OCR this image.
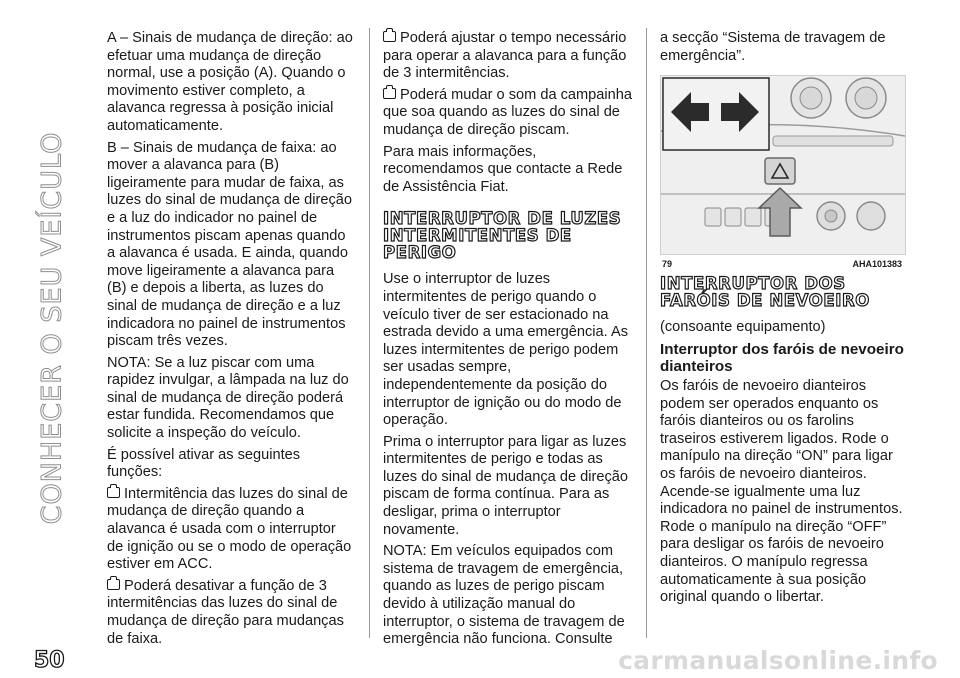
CONHECER O SEU VEÍCULO

A – Sinais de mudança de direção: ao efetuar uma mudança de direção normal, use a posição (A). Quando o movimento estiver completo, a alavanca regressa à posição inicial automaticamente.

B – Sinais de mudança de faixa: ao mover a alavanca para (B) ligeiramente para mudar de faixa, as luzes do sinal de mudança de direção e a luz do indicador no painel de instrumentos piscam apenas quando a alavanca é usada. E ainda, quando move ligeiramente a alavanca para (B) e depois a liberta, as luzes do sinal de mudança de direção e a luz indicadora no painel de instrumentos piscam três vezes.

NOTA: Se a luz piscar com uma rapidez invulgar, a lâmpada na luz do sinal de mudança de direção poderá estar fundida. Recomendamos que solicite a inspeção do veículo.

É possível ativar as seguintes funções:

Intermitência das luzes do sinal de mudança de direção quando a alavanca é usada com o interruptor de ignição ou se o modo de operação estiver em ACC.

Poderá desativar a função de 3 intermitências das luzes do sinal de mudança de direção para mudanças de faixa.

Poderá ajustar o tempo necessário para operar a alavanca para a função de 3 intermitências.

Poderá mudar o som da campainha que soa quando as luzes do sinal de mudança de direção piscam.

Para mais informações, recomendamos que contacte a Rede de Assistência Fiat.

INTERRUPTOR DE LUZES INTERMITENTES DE PERIGO

Use o interruptor de luzes intermitentes de perigo quando o veículo tiver de ser estacionado na estrada devido a uma emergência. As luzes intermitentes de perigo podem ser usadas sempre, independentemente da posição do interruptor de ignição ou do modo de operação.

Prima o interruptor para ligar as luzes intermitentes de perigo e todas as luzes do sinal de mudança de direção piscam de forma contínua. Para as desligar, prima o interruptor novamente.

NOTA: Em veículos equipados com sistema de travagem de emergência, quando as luzes de perigo piscam devido à utilização manual do interruptor, o sistema de travagem de emergência não funciona. Consulte

a secção “Sistema de travagem de emergência”.

79	AHA101383
INTERRUPTOR DOS FARÓIS DE NEVOEIRO

(consoante equipamento)

Interruptor dos faróis de nevoeiro dianteiros

Os faróis de nevoeiro dianteiros podem ser operados enquanto os faróis dianteiros ou os farolins traseiros estiverem ligados. Rode o manípulo na direção “ON” para ligar os faróis de nevoeiro dianteiros. Acende-se igualmente uma luz indicadora no painel de instrumentos. Rode o manípulo na direção “OFF” para desligar os faróis de nevoeiro dianteiros. O manípulo regressa automaticamente à sua posição original quando o libertar.

50	carmanualsonline.info
